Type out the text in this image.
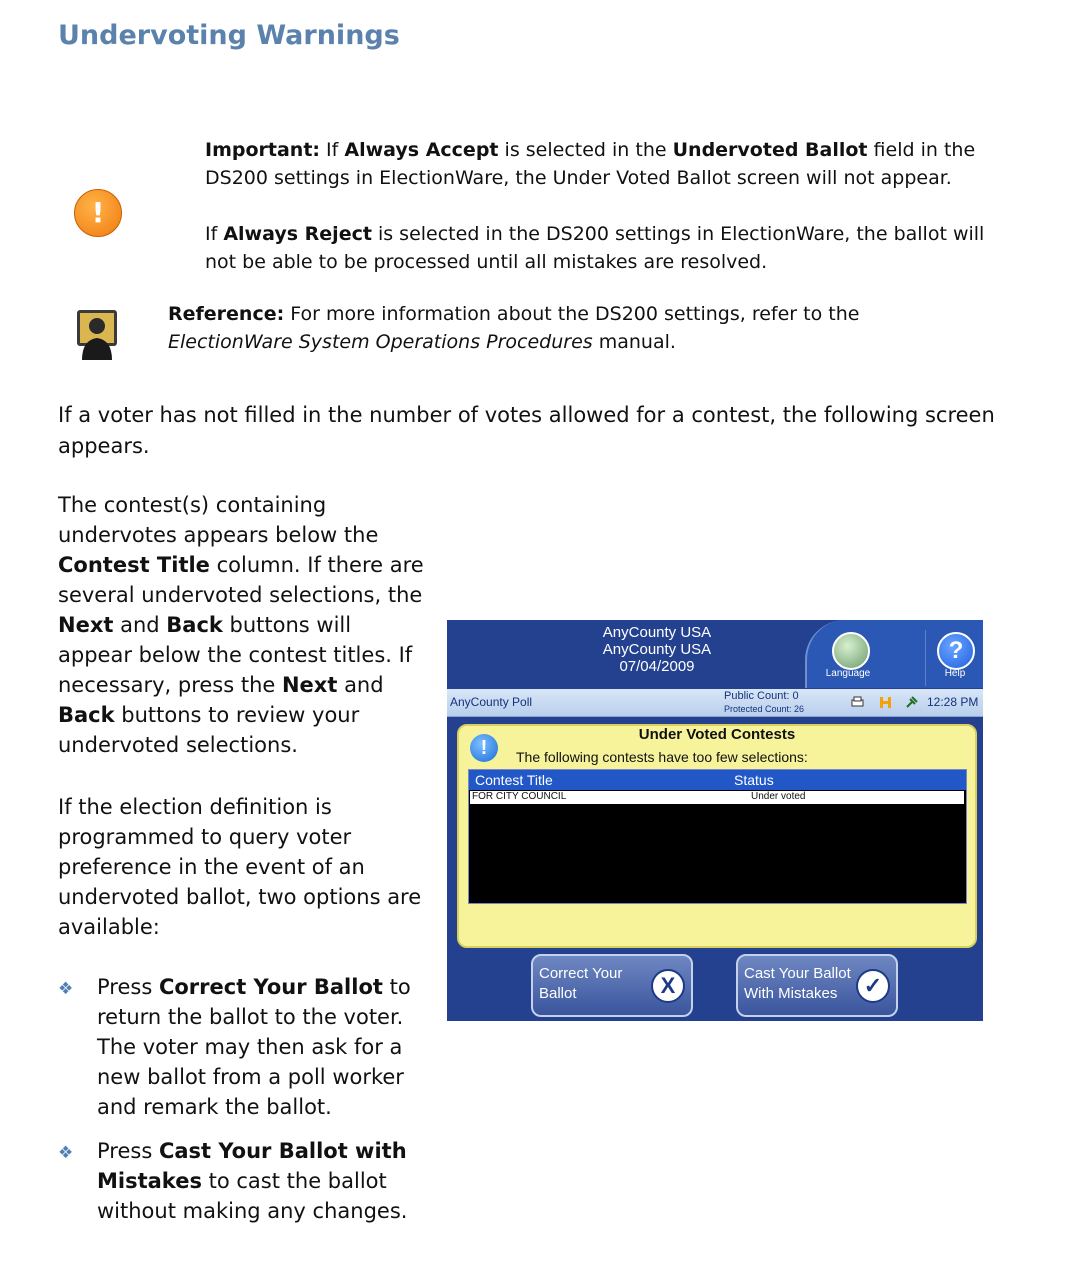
Undervoting Warnings
!
Important: If Always Accept is selected in the Undervoted Ballot field in the DS200 settings in ElectionWare, the Under Voted Ballot screen will not appear.
If Always Reject is selected in the DS200 settings in ElectionWare, the ballot will not be able to be processed until all mistakes are resolved.
Reference: For more information about the DS200 settings, refer to the ElectionWare System Operations Procedures manual.
If a voter has not filled in the number of votes allowed for a contest, the following screen appears.
The contest(s) containing undervotes appears below the Contest Title column. If there are several undervoted selections, the Next and Back buttons will appear below the contest titles. If necessary, press the Next and Back buttons to review your undervoted selections.
If the election definition is programmed to query voter preference in the event of an undervoted ballot, two options are available:
❖ Press Correct Your Ballot to return the ballot to the voter. The voter may then ask for a new ballot from a poll worker and remark the ballot.
❖ Press Cast Your Ballot with Mistakes to cast the ballot without making any changes.
AnyCounty USA
AnyCounty USA
07/04/2009	Language
?
Help
AnyCounty Poll	Public Count: 0
Protected Count: 26	12:28 PM
Under Voted Contests
!	The following contests have too few selections:
Contest Title	Status
FOR CITY COUNCIL	Under voted
Correct Your Ballot	X	Cast Your Ballot With Mistakes	✓
